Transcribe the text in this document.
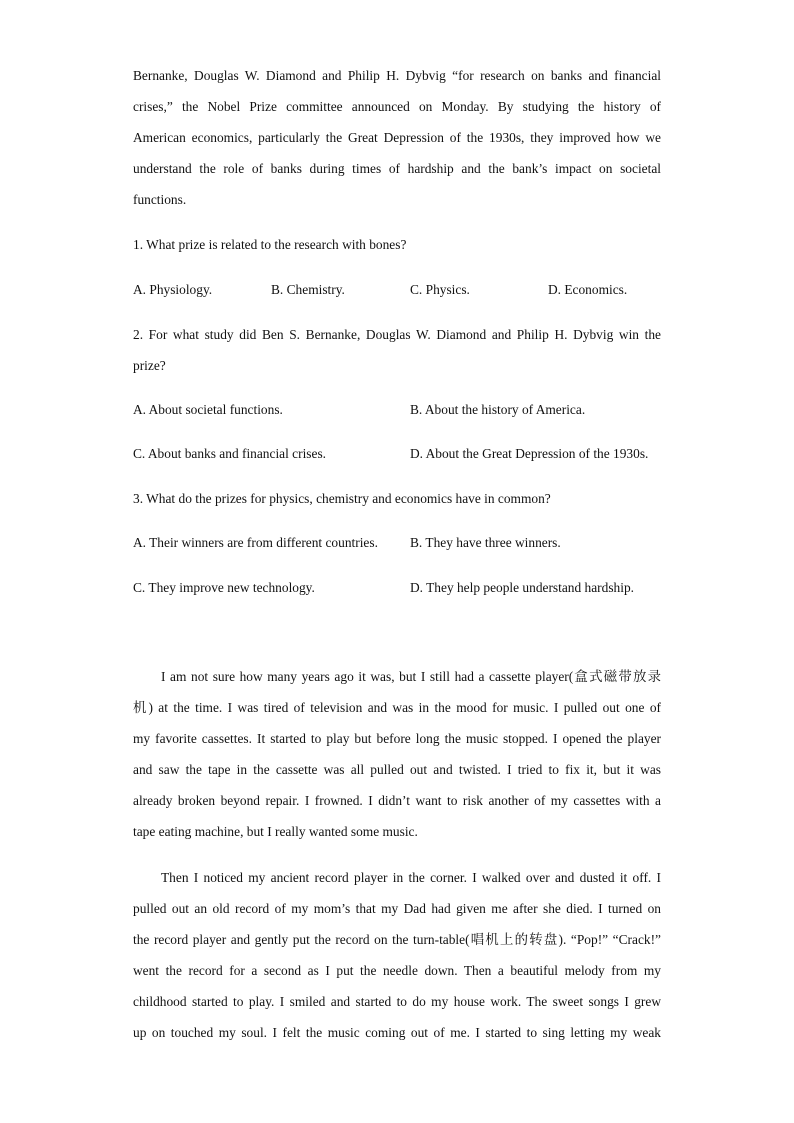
Bernanke, Douglas W. Diamond and Philip H. Dybvig “for research on banks and financial
crises,” the Nobel Prize committee announced on Monday. By studying the history of
American economics, particularly the Great Depression of the 1930s, they improved how we
understand the role of banks during times of hardship and the bank’s impact on societal
functions.
1. What prize is related to the research with bones?
A. Physiology.	B. Chemistry.	C. Physics.	D. Economics.
2. For what study did Ben S. Bernanke, Douglas W. Diamond and Philip H. Dybvig win the
prize?
A. About societal functions.	B. About the history of America.
C. About banks and financial crises.	D. About the Great Depression of the 1930s.
3. What do the prizes for physics, chemistry and economics have in common?
A. Their winners are from different countries. B. They have three winners.
C. They improve new technology.	D. They help people understand hardship.
I am not sure how many years ago it was, but I still had a cassette player(盒式磁带放录
机) at the time. I was tired of television and was in the mood for music. I pulled out one of
my favorite cassettes. It started to play but before long the music stopped. I opened the player
and saw the tape in the cassette was all pulled out and twisted. I tried to fix it, but it was
already broken beyond repair. I frowned. I didn’t want to risk another of my cassettes with a
tape eating machine, but I really wanted some music.
Then I noticed my ancient record player in the corner. I walked over and dusted it off. I
pulled out an old record of my mom’s that my Dad had given me after she died. I turned on
the record player and gently put the record on the turn-table(唱机上的转盘). “Pop!” “Crack!”
went the record for a second as I put the needle down. Then a beautiful melody from my
childhood started to play. I smiled and started to do my house work. The sweet songs I grew
up on touched my soul. I felt the music coming out of me. I started to sing letting my weak
